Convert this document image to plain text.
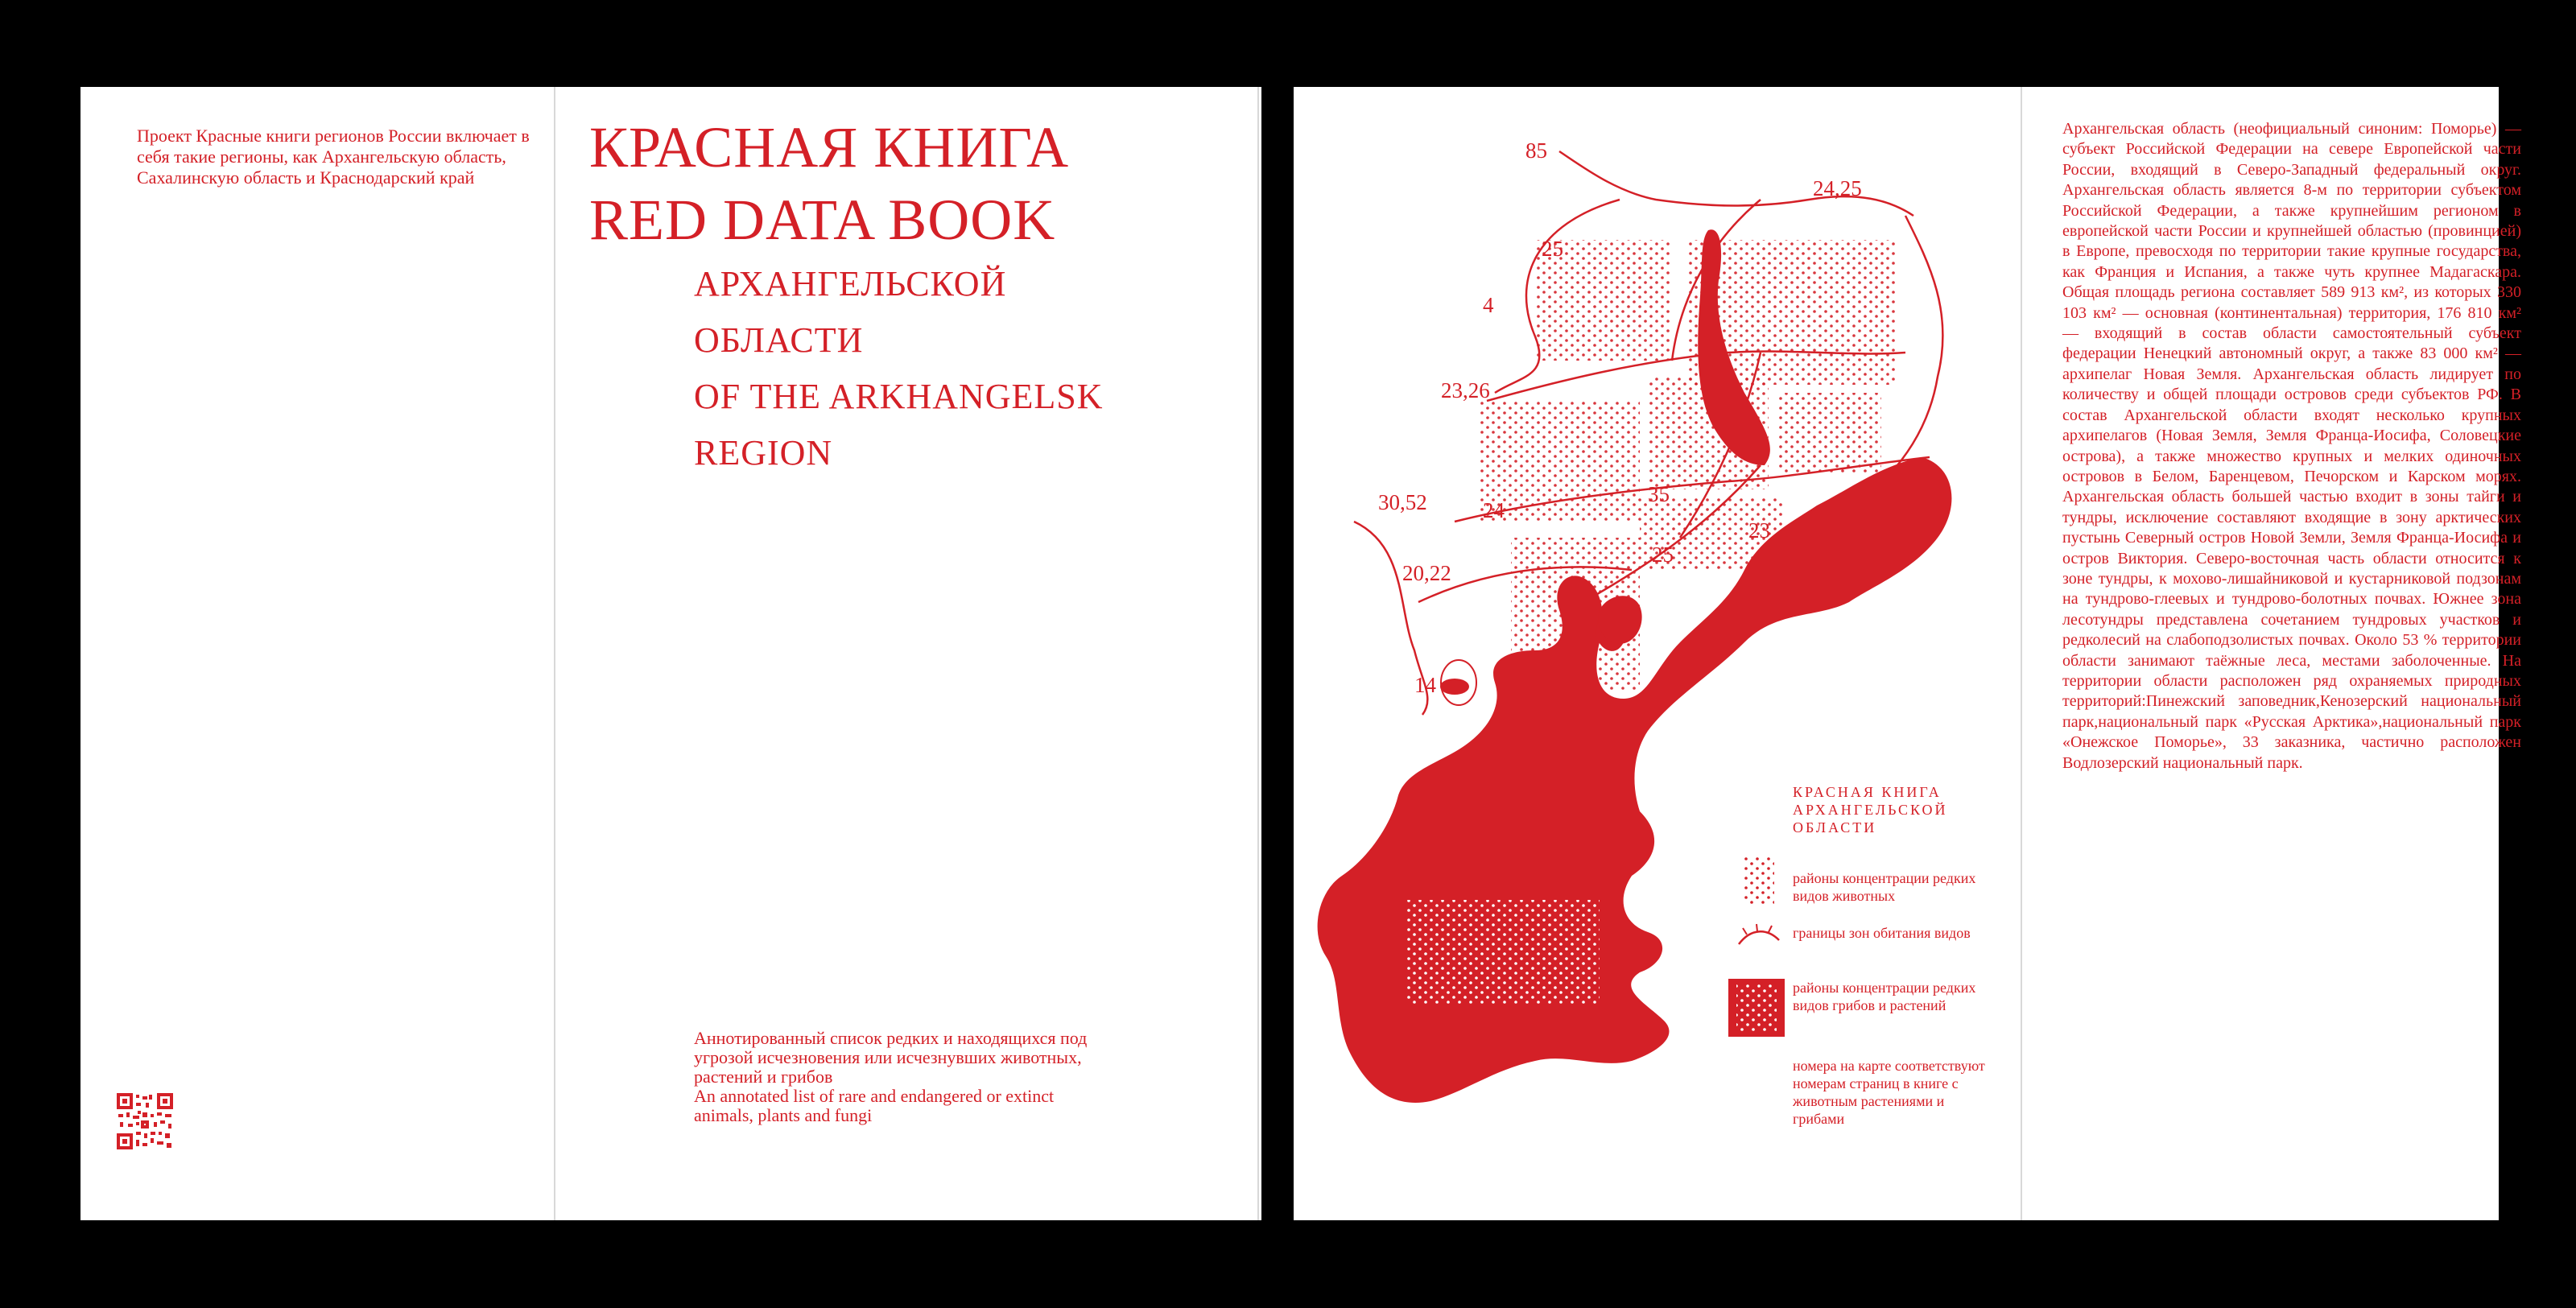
Проект Красные книги регионов России включает в себя такие регионы, как Архангельскую область, Сахалинскую область и Краснодарский край	КРАСНАЯ КНИГА
RED DATA BOOK
АРХАНГЕЛЬСКОЙ
ОБЛАСТИ
OF THE ARKHANGELSK
REGION
Аннотированный список редких и находящихся под угрозой исчезновения или исчезнувших животных, растений и грибов
An annotated list of rare and endangered or extinct animals, plants and fungi
85
24,25
25
4
23,26
30,52	24
35
25
23
20,22
14
КРАСНАЯ КНИГА АРХАНГЕЛЬСКОЙ ОБЛАСТИ

районы концентрации редких видов животных

границы зон обитания видов

районы концентрации редких видов грибов и растений

номера на карте соответствуют номерам страниц в книге с животным растениями и грибами

Архангельская область (неофициальный синоним: Поморье) — субъект Российской Федерации на севере Европейской части России, входящий в Северо-Западный федеральный округ. Архангельская область является 8-м по территории субъектом Российской Федерации, а также крупнейшим регионом в европейской части России и крупнейшей областью (провинцией) в Европе, превосходя по территории такие крупные государства, как Франция и Испания, а также чуть крупнее Мадагаскара. Общая площадь региона составляет 589 913 км², из которых 330 103 км² — основная (континентальная) территория, 176 810 км² — входящий в состав области самостоятельный субъект федерации Ненецкий автономный округ, а также 83 000 км² — архипелаг Новая Земля. Архангельская область лидирует по количеству и общей площади островов среди субъектов РФ. В состав Архангельской области входят несколько крупных архипелагов (Новая Земля, Земля Франца-Иосифа, Соловецкие острова), а также множество крупных и мелких одиночных островов в Белом, Баренцевом, Печорском и Карском морях. Архангельская область большей частью входит в зоны тайги и тундры, исключение составляют входящие в зону арктических пустынь Северный остров Новой Земли, Земля Франца-Иосифа и остров Виктория. Северо-восточная часть области относится к зоне тундры, к мохово-лишайниковой и кустарниковой подзонам на тундрово-глеевых и тундрово-болотных почвах. Южнее зона лесотундры представлена сочетанием тундровых участков и редколесий на слабоподзолистых почвах. Около 53 % территории области занимают таёжные леса, местами заболоченные. На территории области расположен ряд охраняемых природных территорий:Пинежский заповедник,Кенозерский национальный парк,национальный парк «Русская Арктика»,национальный парк «Онежское Поморье», 33 заказника, частично расположен Водлозерский национальный парк.
